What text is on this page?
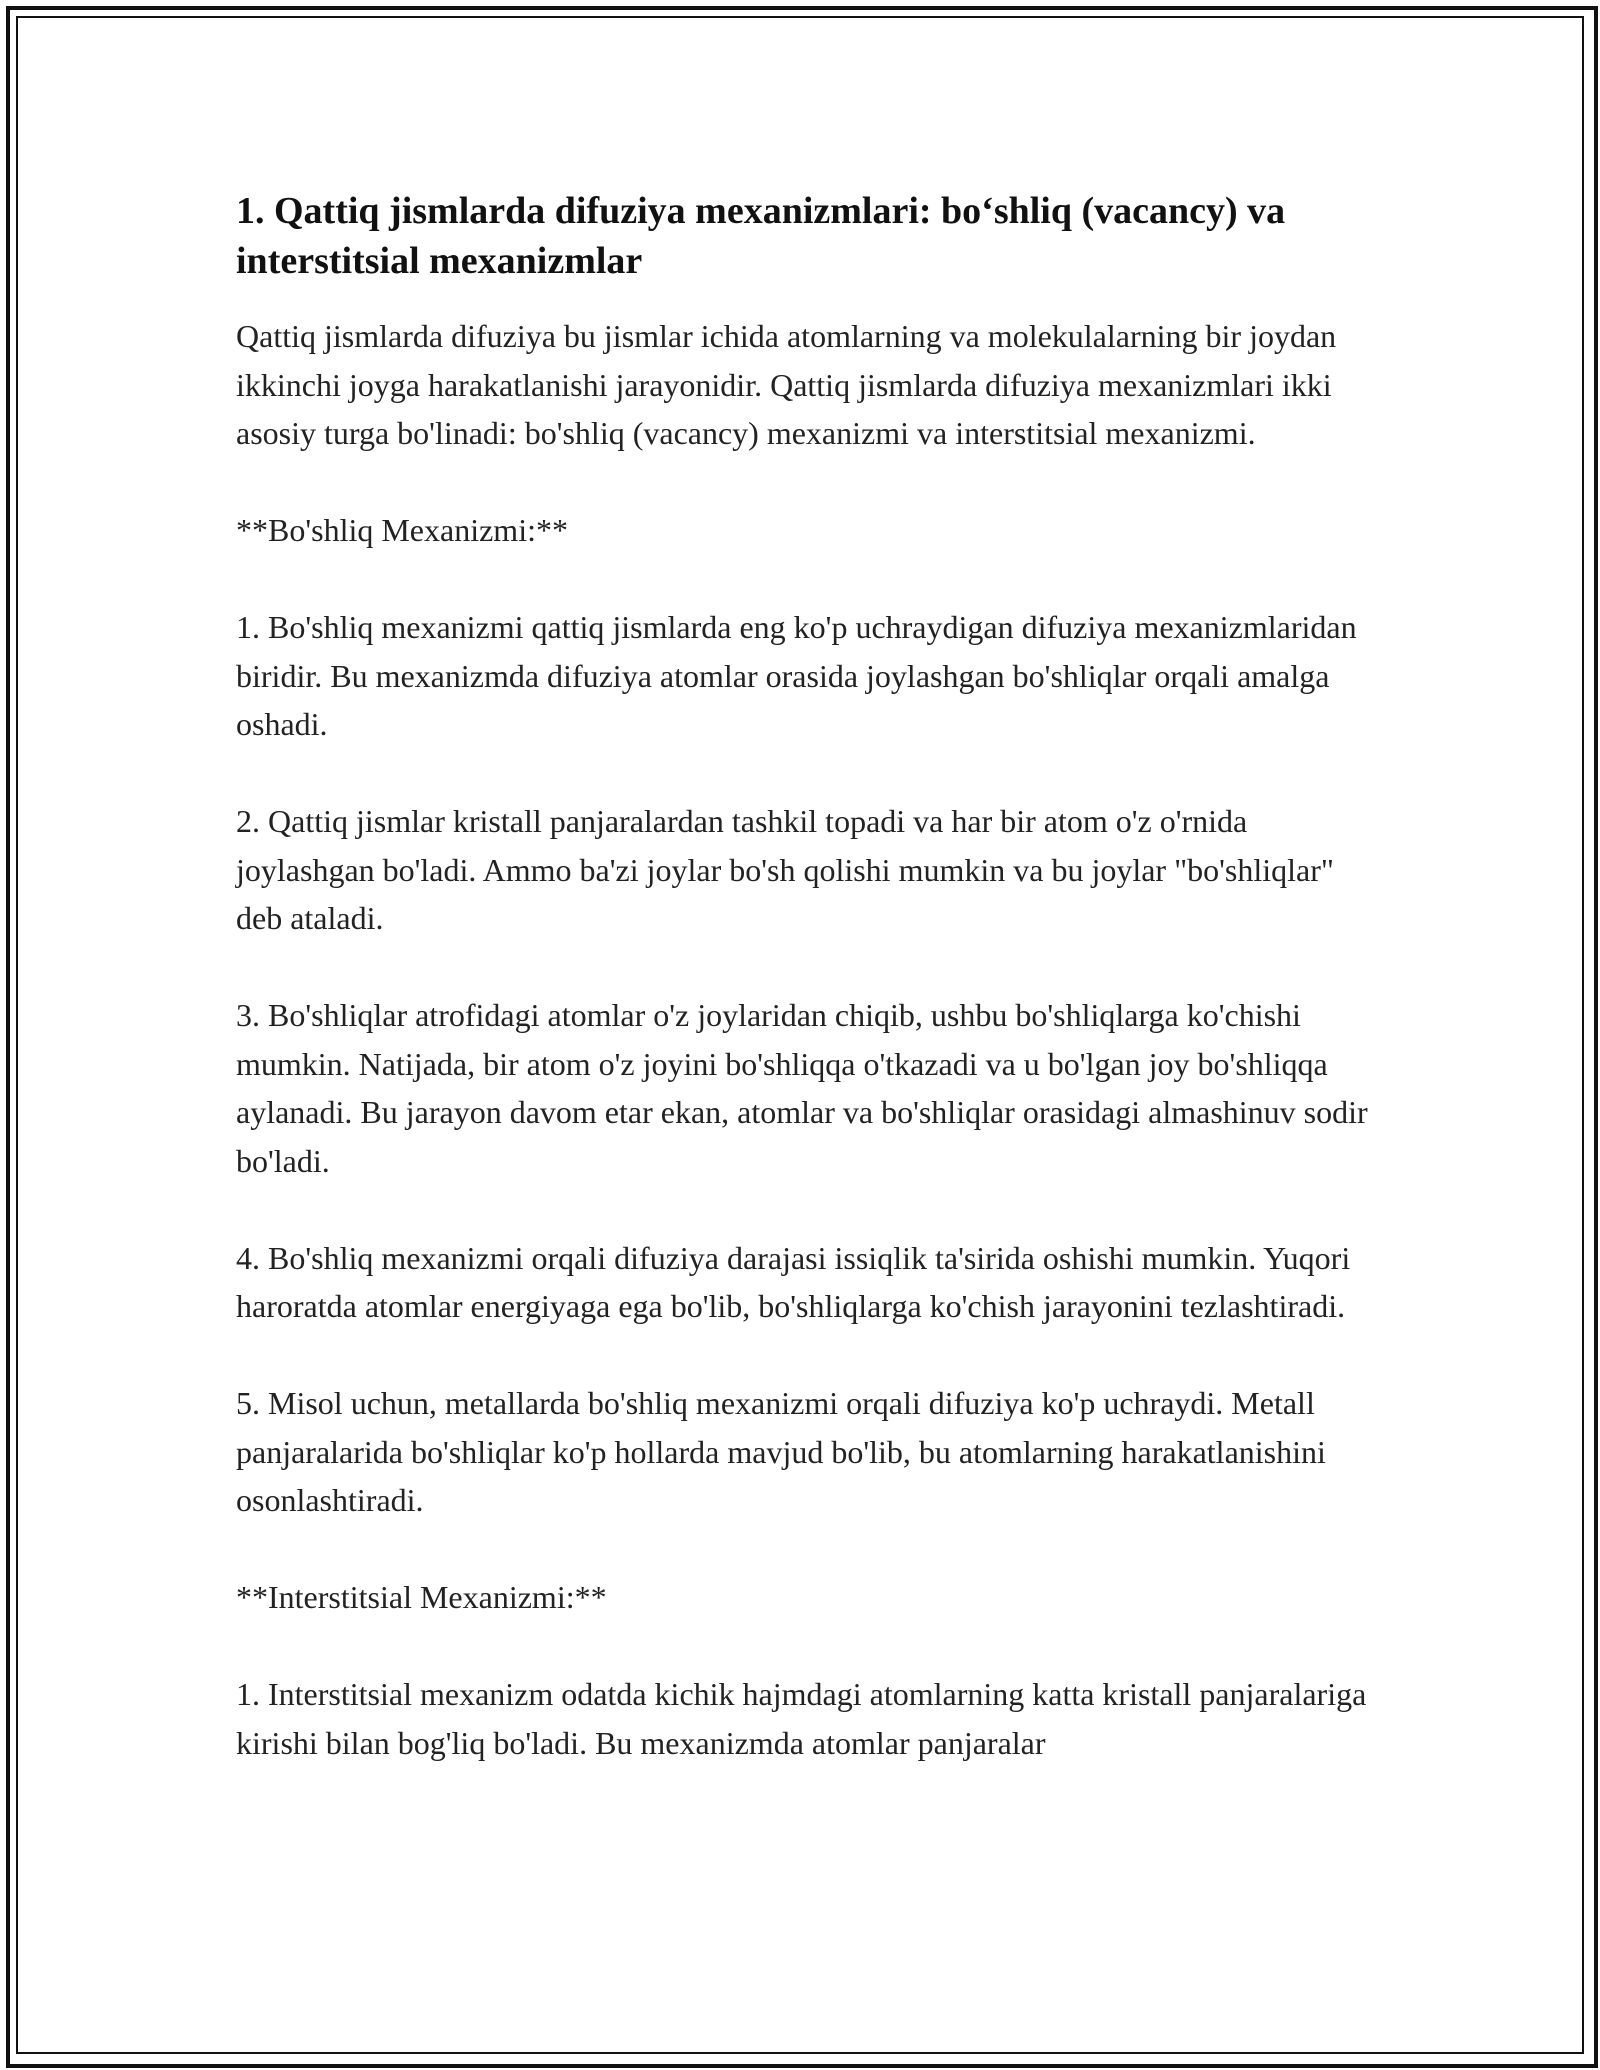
1. Qattiq jismlarda difuziya mexanizmlari: bo‘shliq (vacancy) va interstitsial mexanizmlar

Qattiq jismlarda difuziya bu jismlar ichida atomlarning va molekulalarning bir joydan ikkinchi joyga harakatlanishi jarayonidir. Qattiq jismlarda difuziya mexanizmlari ikki asosiy turga bo'linadi: bo'shliq (vacancy) mexanizmi va interstitsial mexanizmi.

**Bo'shliq Mexanizmi:**

1. Bo'shliq mexanizmi qattiq jismlarda eng ko'p uchraydigan difuziya mexanizmlaridan biridir. Bu mexanizmda difuziya atomlar orasida joylashgan bo'shliqlar orqali amalga oshadi.

2. Qattiq jismlar kristall panjaralardan tashkil topadi va har bir atom o'z o'rnida joylashgan bo'ladi. Ammo ba'zi joylar bo'sh qolishi mumkin va bu joylar "bo'shliqlar" deb ataladi.

3. Bo'shliqlar atrofidagi atomlar o'z joylaridan chiqib, ushbu bo'shliqlarga ko'chishi mumkin. Natijada, bir atom o'z joyini bo'shliqqa o'tkazadi va u bo'lgan joy bo'shliqqa aylanadi. Bu jarayon davom etar ekan, atomlar va bo'shliqlar orasidagi almashinuv sodir bo'ladi.

4. Bo'shliq mexanizmi orqali difuziya darajasi issiqlik ta'sirida oshishi mumkin. Yuqori haroratda atomlar energiyaga ega bo'lib, bo'shliqlarga ko'chish jarayonini tezlashtiradi.

5. Misol uchun, metallarda bo'shliq mexanizmi orqali difuziya ko'p uchraydi. Metall panjaralarida bo'shliqlar ko'p hollarda mavjud bo'lib, bu atomlarning harakatlanishini osonlashtiradi.

**Interstitsial Mexanizmi:**

1. Interstitsial mexanizm odatda kichik hajmdagi atomlarning katta kristall panjaralariga kirishi bilan bog'liq bo'ladi. Bu mexanizmda atomlar panjaralar
